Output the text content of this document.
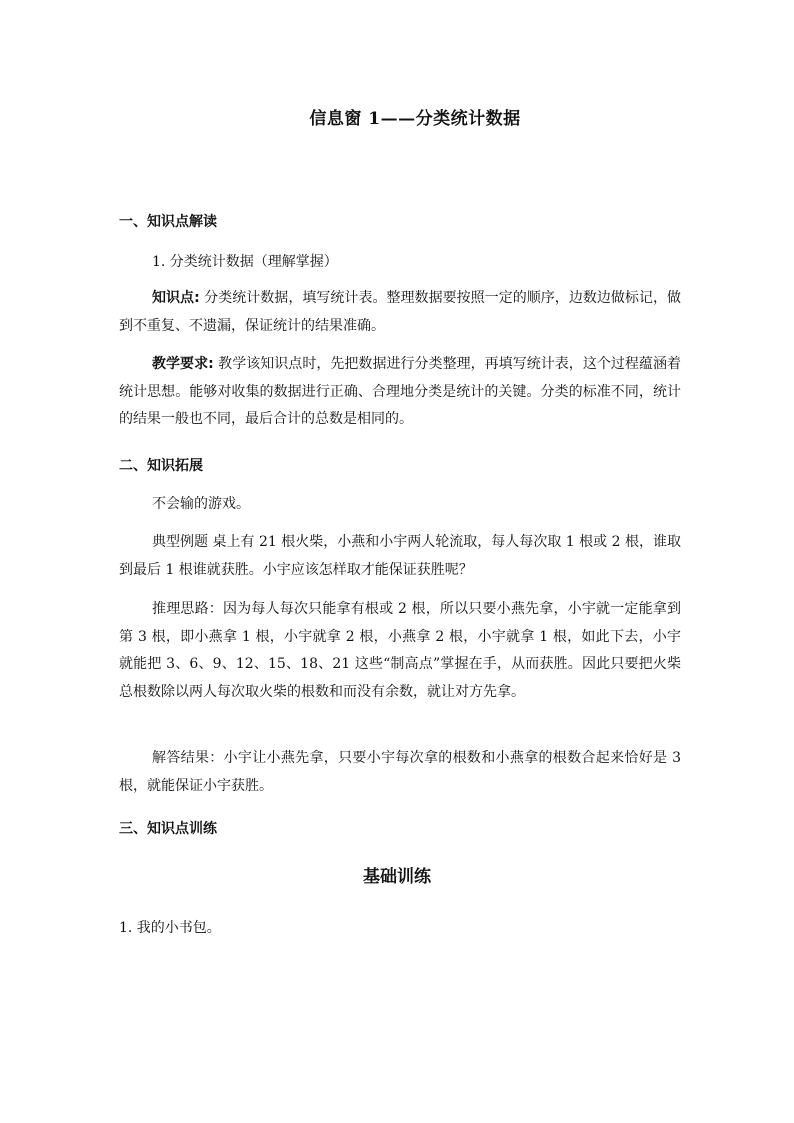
信息窗 1——分类统计数据
一、知识点解读
1. 分类统计数据（理解掌握）

知识点: 分类统计数据，填写统计表。整理数据要按照一定的顺序，边数边做标记，做到不重复、不遗漏，保证统计的结果准确。

教学要求: 教学该知识点时，先把数据进行分类整理，再填写统计表，这个过程蕴涵着统计思想。能够对收集的数据进行正确、合理地分类是统计的关键。分类的标准不同，统计的结果一般也不同，最后合计的总数是相同的。

二、知识拓展
不会输的游戏。

典型例题 桌上有 21 根火柴，小燕和小宇两人轮流取，每人每次取 1 根或 2 根，谁取到最后 1 根谁就获胜。小宇应该怎样取才能保证获胜呢？

推理思路：因为每人每次只能拿有根或 2 根，所以只要小燕先拿，小宇就一定能拿到第 3 根，即小燕拿 1 根，小宇就拿 2 根，小燕拿 2 根，小宇就拿 1 根，如此下去，小宇就能把 3、6、9、12、15、18、21 这些“制高点”掌握在手，从而获胜。因此只要把火柴总根数除以两人每次取火柴的根数和而没有余数，就让对方先拿。

解答结果：小宇让小燕先拿，只要小宇每次拿的根数和小燕拿的根数合起来恰好是 3 根，就能保证小宇获胜。

三、知识点训练
基础训练
1. 我的小书包。
